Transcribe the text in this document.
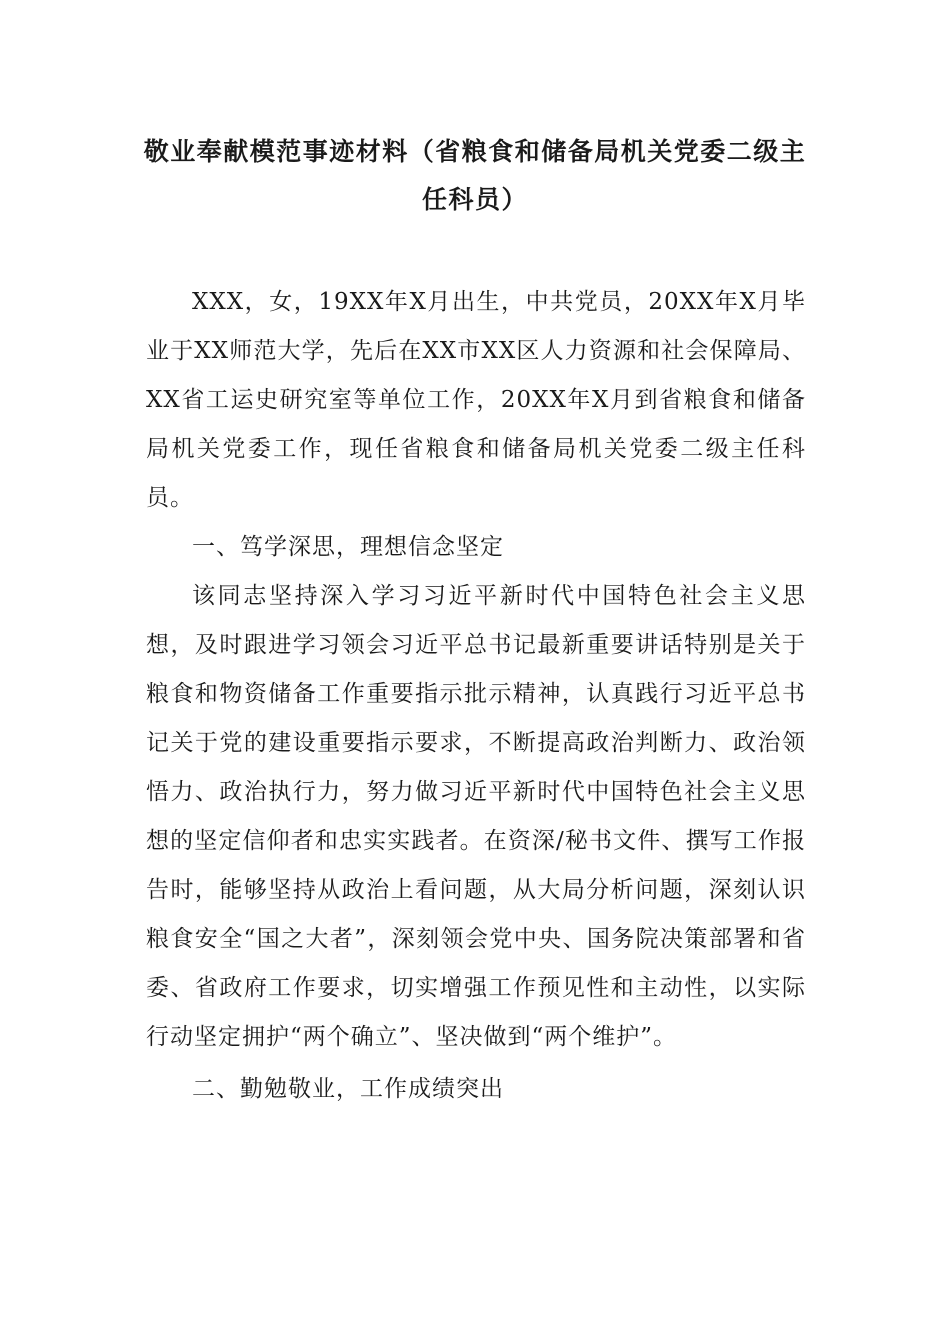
敬业奉献模范事迹材料（省粮食和储备局机关党委二级主
任科员）

XXX，女，19XX年X月出生，中共党员，20XX年X月毕业于XX师范大学，先后在XX市XX区人力资源和社会保障局、XX省工运史研究室等单位工作，20XX年X月到省粮食和储备局机关党委工作，现任省粮食和储备局机关党委二级主任科员。

一、笃学深思，理想信念坚定

该同志坚持深入学习习近平新时代中国特色社会主义思想，及时跟进学习领会习近平总书记最新重要讲话特别是关于粮食和物资储备工作重要指示批示精神，认真践行习近平总书记关于党的建设重要指示要求，不断提高政治判断力、政治领悟力、政治执行力，努力做习近平新时代中国特色社会主义思想的坚定信仰者和忠实实践者。在资深/秘书文件、撰写工作报告时，能够坚持从政治上看问题，从大局分析问题，深刻认识粮食安全“国之大者”，深刻领会党中央、国务院决策部署和省委、省政府工作要求，切实增强工作预见性和主动性，以实际行动坚定拥护“两个确立”、坚决做到“两个维护”。

二、勤勉敬业，工作成绩突出
